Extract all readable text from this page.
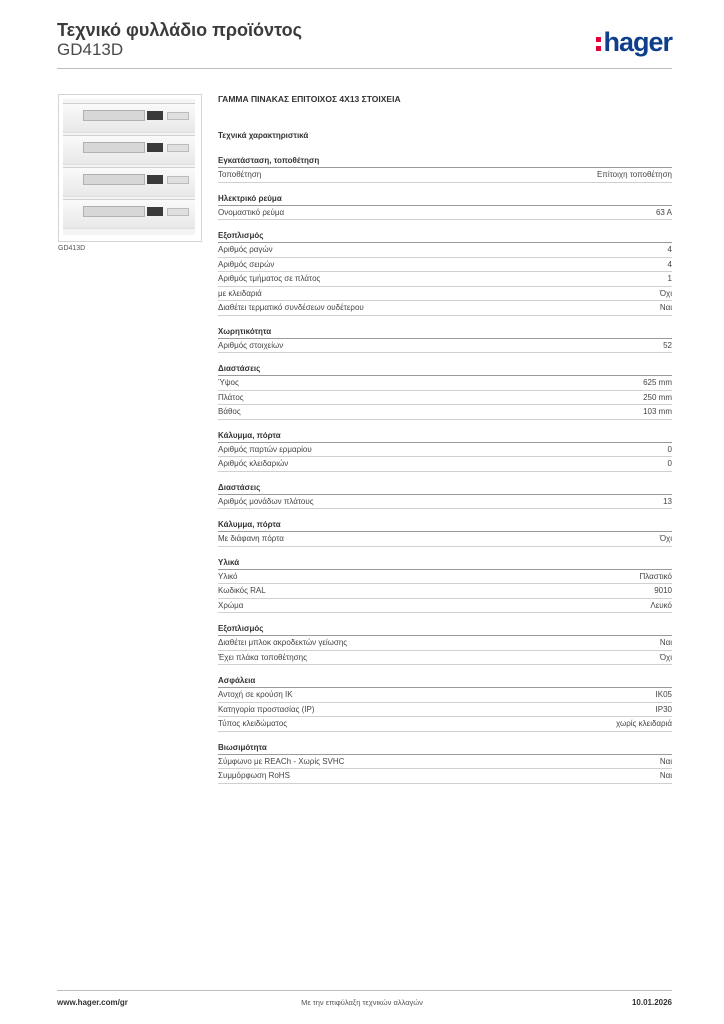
Τεχνικό φυλλάδιο προϊόντος
GD413D	hager
GD413D
ΓΑΜΜΑ ΠΙΝΑΚΑΣ ΕΠΙΤΟΙΧΟΣ 4Χ13 ΣΤΟΙΧΕΙΑ
Τεχνικά χαρακτηριστικά
Εγκατάσταση, τοποθέτηση
Τοποθέτηση	Επίτοιχη τοποθέτηση
Ηλεκτρικό ρεύμα
Ονομαστικό ρεύμα	63 A
Εξοπλισμός
Αριθμός ραγών	4
Αριθμός σειρών	4
Αριθμός τμήματος σε πλάτος	1
με κλειδαριά	Όχι
Διαθέτει τερματικό συνδέσεων ουδέτερου	Ναι
Χωρητικότητα
Αριθμός στοιχείων	52
Διαστάσεις
Ύψος	625 mm
Πλάτος	250 mm
Βάθος	103 mm
Κάλυμμα, πόρτα
Αριθμός παρτών ερμαρίου	0
Αριθμός κλειδαριών	0
Διαστάσεις
Αριθμός μονάδων πλάτους	13
Κάλυμμα, πόρτα
Με διάφανη πόρτα	Όχι
Υλικά
Υλικό	Πλαστικό
Κωδικός RAL	9010
Χρώμα	Λευκό
Εξοπλισμός
Διαθέτει μπλοκ ακροδεκτών γείωσης	Ναι
Έχει πλάκα τοποθέτησης	Όχι
Ασφάλεια
Αντοχή σε κρούση IK	IK05
Κατηγορία προστασίας (IP)	IP30
Τύπος κλειδώματος	χωρίς κλειδαριά
Βιωσιμότητα
Σύμφωνο με REACh - Χωρίς SVHC	Ναι
Συμμόρφωση RoHS	Ναι
www.hager.com/gr	Με την επιφύλαξη τεχνικών αλλαγών	10.01.2026
